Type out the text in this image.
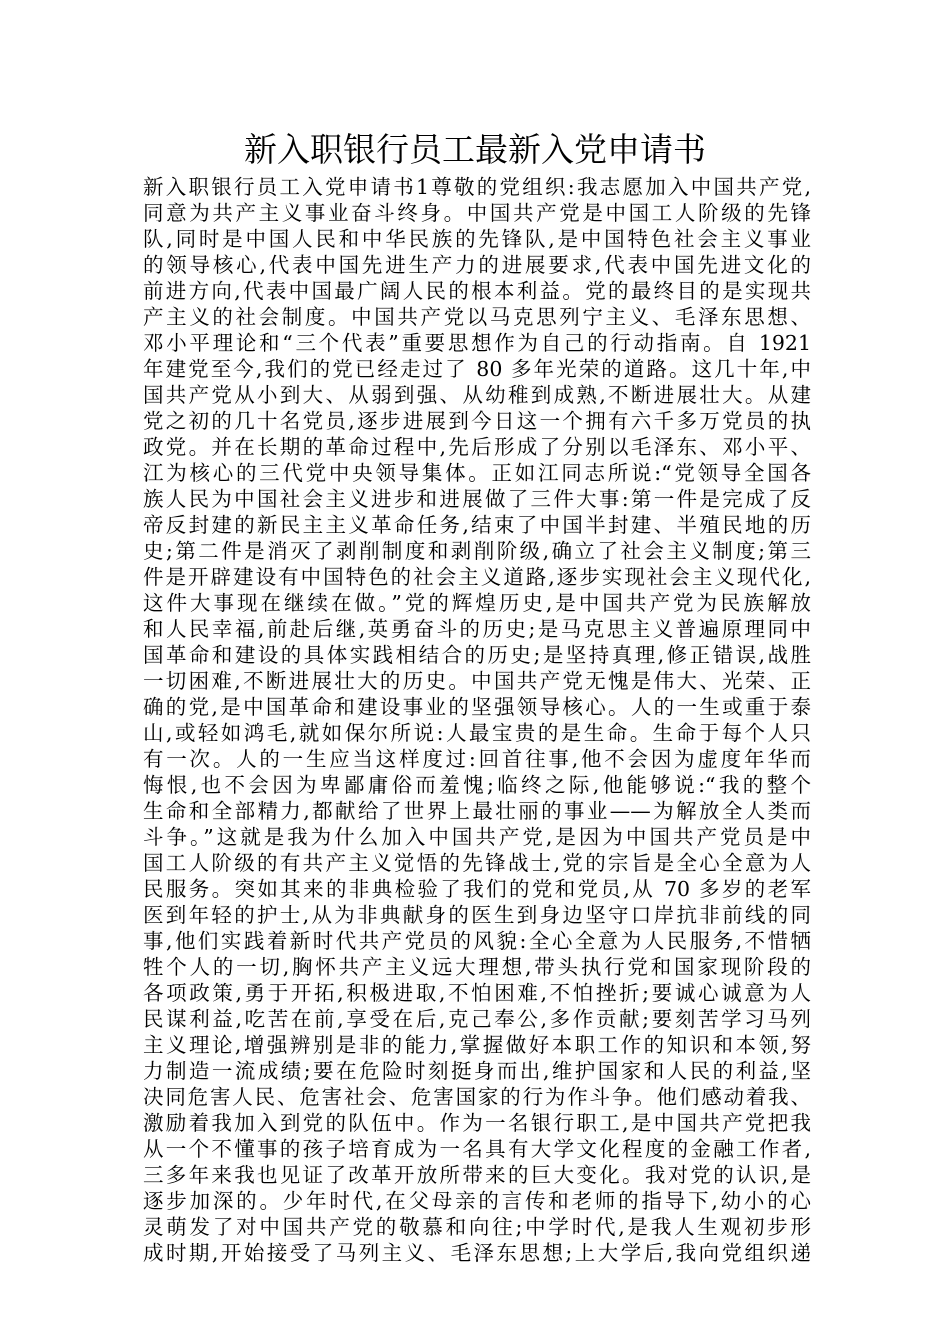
新入职银行员工最新入党申请书
新入职银行员工入党申请书1尊敬的党组织:我志愿加入中国共产党,
同意为共产主义事业奋斗终身。中国共产党是中国工人阶级的先锋
队,同时是中国人民和中华民族的先锋队,是中国特色社会主义事业
的领导核心,代表中国先进生产力的进展要求,代表中国先进文化的
前进方向,代表中国最广阔人民的根本利益。党的最终目的是实现共
产主义的社会制度。中国共产党以马克思列宁主义、毛泽东思想、
邓小平理论和“三个代表”重要思想作为自己的行动指南。自 1921
年建党至今,我们的党已经走过了 80 多年光荣的道路。这几十年,中
国共产党从小到大、从弱到强、从幼稚到成熟,不断进展壮大。从建
党之初的几十名党员,逐步进展到今日这一个拥有六千多万党员的执
政党。并在长期的革命过程中,先后形成了分别以毛泽东、邓小平、
江为核心的三代党中央领导集体。正如江同志所说:“党领导全国各
族人民为中国社会主义进步和进展做了三件大事:第一件是完成了反
帝反封建的新民主主义革命任务,结束了中国半封建、半殖民地的历
史;第二件是消灭了剥削制度和剥削阶级,确立了社会主义制度;第三
件是开辟建设有中国特色的社会主义道路,逐步实现社会主义现代化,
这件大事现在继续在做。”党的辉煌历史,是中国共产党为民族解放
和人民幸福,前赴后继,英勇奋斗的历史;是马克思主义普遍原理同中
国革命和建设的具体实践相结合的历史;是坚持真理,修正错误,战胜
一切困难,不断进展壮大的历史。中国共产党无愧是伟大、光荣、正
确的党,是中国革命和建设事业的坚强领导核心。人的一生或重于泰
山,或轻如鸿毛,就如保尔所说:人最宝贵的是生命。生命于每个人只
有一次。人的一生应当这样度过:回首往事,他不会因为虚度年华而
悔恨,也不会因为卑鄙庸俗而羞愧;临终之际,他能够说:“我的整个
生命和全部精力,都献给了世界上最壮丽的事业——为解放全人类而
斗争。”这就是我为什么加入中国共产党,是因为中国共产党员是中
国工人阶级的有共产主义觉悟的先锋战士,党的宗旨是全心全意为人
民服务。突如其来的非典检验了我们的党和党员,从 70 多岁的老军
医到年轻的护士,从为非典献身的医生到身边坚守口岸抗非前线的同
事,他们实践着新时代共产党员的风貌:全心全意为人民服务,不惜牺
牲个人的一切,胸怀共产主义远大理想,带头执行党和国家现阶段的
各项政策,勇于开拓,积极进取,不怕困难,不怕挫折;要诚心诚意为人
民谋利益,吃苦在前,享受在后,克己奉公,多作贡献;要刻苦学习马列
主义理论,增强辨别是非的能力,掌握做好本职工作的知识和本领,努
力制造一流成绩;要在危险时刻挺身而出,维护国家和人民的利益,坚
决同危害人民、危害社会、危害国家的行为作斗争。他们感动着我、
激励着我加入到党的队伍中。作为一名银行职工,是中国共产党把我
从一个不懂事的孩子培育成为一名具有大学文化程度的金融工作者,
三多年来我也见证了改革开放所带来的巨大变化。我对党的认识,是
逐步加深的。少年时代,在父母亲的言传和老师的指导下,幼小的心
灵萌发了对中国共产党的敬慕和向往;中学时代,是我人生观初步形
成时期,开始接受了马列主义、毛泽东思想;上大学后,我向党组织递
